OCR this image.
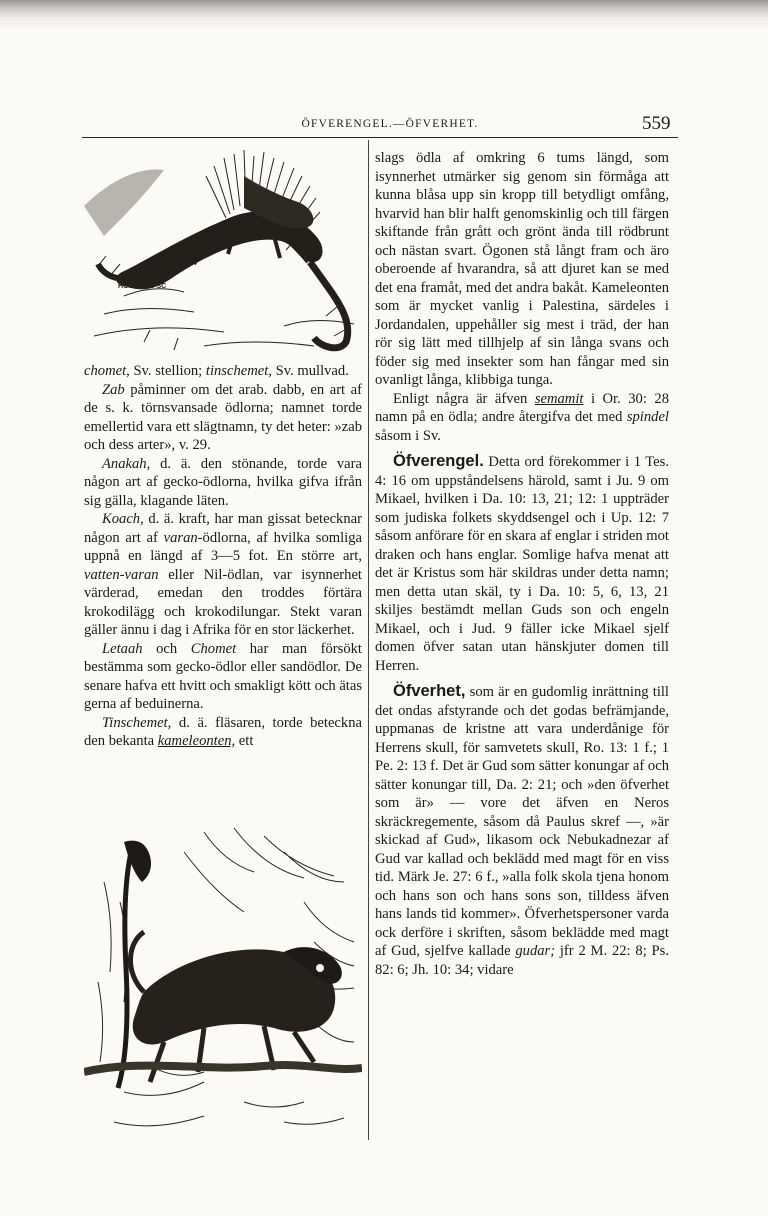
ÖFVERENGEL.—ÖFVERHET.	559
HOWLAND SC

chomet, Sv. stellion; tinschemet, Sv. mullvad.

Zab påminner om det arab. dabb, en art af de s. k. törnsvansade ödlorna; namnet torde emellertid vara ett slägtnamn, ty det heter: »zab och dess arter», v. 29.

Anakah, d. ä. den stönande, torde vara någon art af gecko-ödlorna, hvilka gifva ifrån sig gälla, klagande läten.

Koach, d. ä. kraft, har man gissat betecknar någon art af varan-ödlorna, af hvilka somliga uppnå en längd af 3—5 fot. En större art, vatten-varan eller Nil-ödlan, var isynnerhet värderad, emedan den troddes förtära krokodilägg och krokodilungar. Stekt varan gäller ännu i dag i Afrika för en stor läckerhet.

Letaah och Chomet har man försökt bestämma som gecko-ödlor eller sandödlor. De senare hafva ett hvitt och smakligt kött och ätas gerna af beduinerna.

Tinschemet, d. ä. fläsaren, torde beteckna den bekanta kameleonten, ett

slags ödla af omkring 6 tums längd, som isynnerhet utmärker sig genom sin förmåga att kunna blåsa upp sin kropp till betydligt omfång, hvarvid han blir halft genomskinlig och till färgen skiftande från grått och grönt ända till rödbrunt och nästan svart. Ögonen stå långt fram och äro oberoende af hvarandra, så att djuret kan se med det ena framåt, med det andra bakåt. Kameleonten som är mycket vanlig i Palestina, särdeles i Jordandalen, uppehåller sig mest i träd, der han rör sig lätt med tillhjelp af sin långa svans och föder sig med insekter som han fångar med sin ovanligt långa, klibbiga tunga.

Enligt några är äfven semamit i Or. 30: 28 namn på en ödla; andre återgifva det med spindel såsom i Sv.

Öfverengel. Detta ord förekommer i 1 Tes. 4: 16 om uppståndelsens härold, samt i Ju. 9 om Mikael, hvilken i Da. 10: 13, 21; 12: 1 uppträder som judiska folkets skyddsengel och i Up. 12: 7 såsom anförare för en skara af englar i striden mot draken och hans englar. Somlige hafva menat att det är Kristus som här skildras under detta namn; men detta utan skäl, ty i Da. 10: 5, 6, 13, 21 skiljes bestämdt mellan Guds son och engeln Mikael, och i Jud. 9 fäller icke Mikael sjelf domen öfver satan utan hänskjuter domen till Herren.

Öfverhet, som är en gudomlig inrättning till det ondas afstyrande och det godas befrämjande, uppmanas de kristne att vara underdånige för Herrens skull, för samvetets skull, Ro. 13: 1 f.; 1 Pe. 2: 13 f. Det är Gud som sätter konungar af och sätter konungar till, Da. 2: 21; och »den öfverhet som är» — vore det äfven en Neros skräckregemente, såsom då Paulus skref —, »är skickad af Gud», likasom ock Nebukadnezar af Gud var kallad och beklädd med magt för en viss tid. Märk Je. 27: 6 f., »alla folk skola tjena honom och hans son och hans sons son, tilldess äfven hans lands tid kommer». Öfverhetspersoner varda ock derföre i skriften, såsom beklädde med magt af Gud, sjelfve kallade gudar; jfr 2 M. 22: 8; Ps. 82: 6; Jh. 10: 34; vidare
